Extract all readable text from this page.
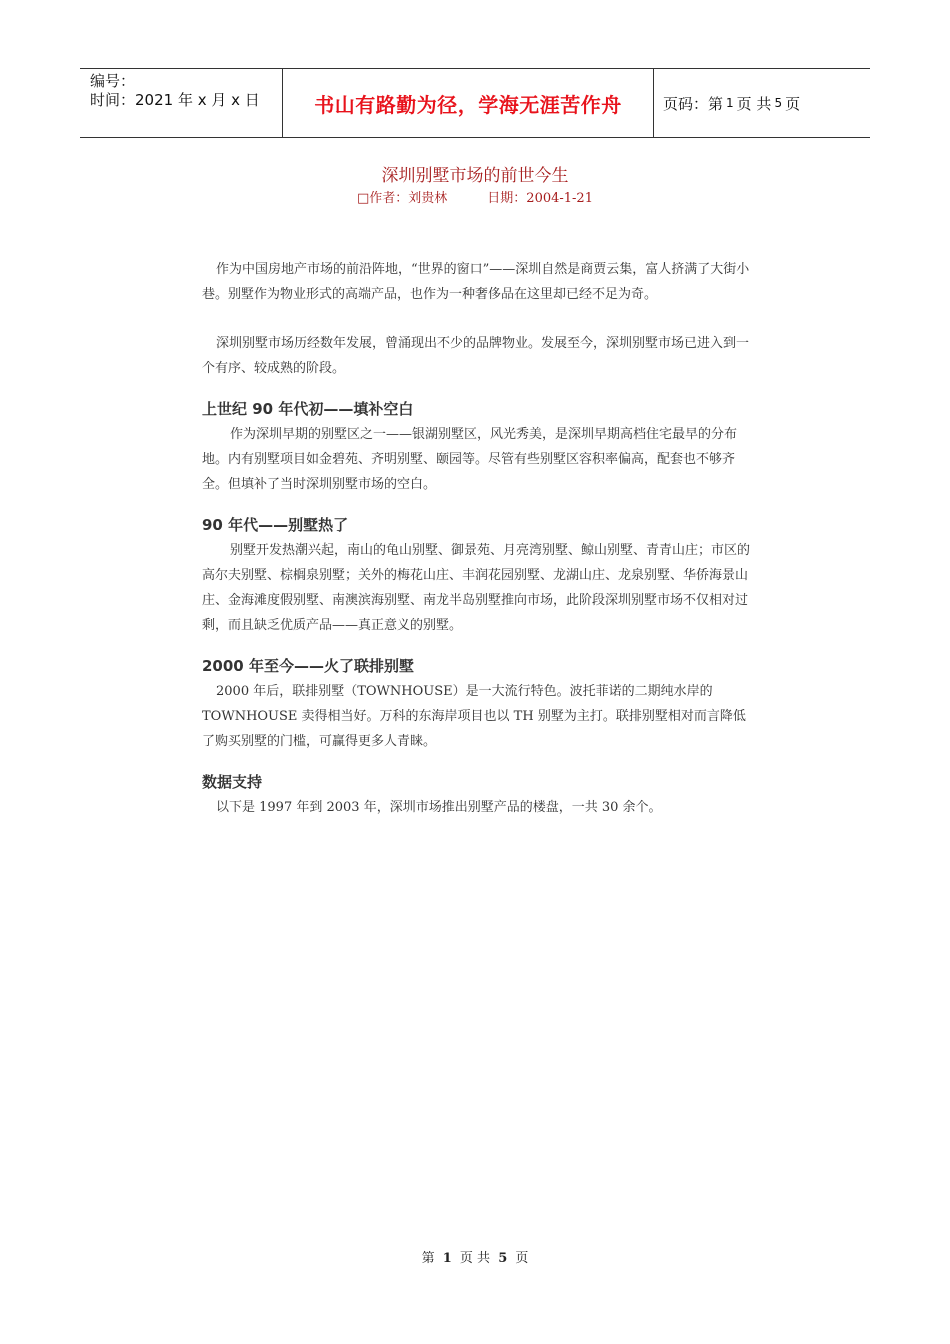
编号：
时间：2021 年 x 月 x 日	书山有路勤为径，学海无涯苦作舟	页码：第 1 页 共 5 页
深圳别墅市场的前世今生
□作者：刘贵林	日期：2004-1-21

作为中国房地产市场的前沿阵地，“世界的窗口”——深圳自然是商贾云集，富人挤满了大街小巷。别墅作为物业形式的高端产品，也作为一种奢侈品在这里却已经不足为奇。

深圳别墅市场历经数年发展，曾涌现出不少的品牌物业。发展至今，深圳别墅市场已进入到一个有序、较成熟的阶段。

上世纪 90 年代初——填补空白

作为深圳早期的别墅区之一——银湖别墅区，风光秀美，是深圳早期高档住宅最早的分布地。内有别墅项目如金碧苑、齐明别墅、颐园等。尽管有些别墅区容积率偏高，配套也不够齐全。但填补了当时深圳别墅市场的空白。

90 年代——别墅热了

别墅开发热潮兴起，南山的龟山别墅、御景苑、月亮湾别墅、鲸山别墅、青青山庄；市区的高尔夫别墅、棕榈泉别墅；关外的梅花山庄、丰润花园别墅、龙湖山庄、龙泉别墅、华侨海景山庄、金海滩度假别墅、南澳滨海别墅、南龙半岛别墅推向市场，此阶段深圳别墅市场不仅相对过剩，而且缺乏优质产品——真正意义的别墅。

2000 年至今——火了联排别墅

2000 年后，联排别墅（TOWNHOUSE）是一大流行特色。波托菲诺的二期纯水岸的 TOWNHOUSE 卖得相当好。万科的东海岸项目也以 TH 别墅为主打。联排别墅相对而言降低了购买别墅的门槛，可赢得更多人青睐。

数据支持

以下是 1997 年到 2003 年，深圳市场推出别墅产品的楼盘，一共 30 余个。

第 1 页 共 5 页
